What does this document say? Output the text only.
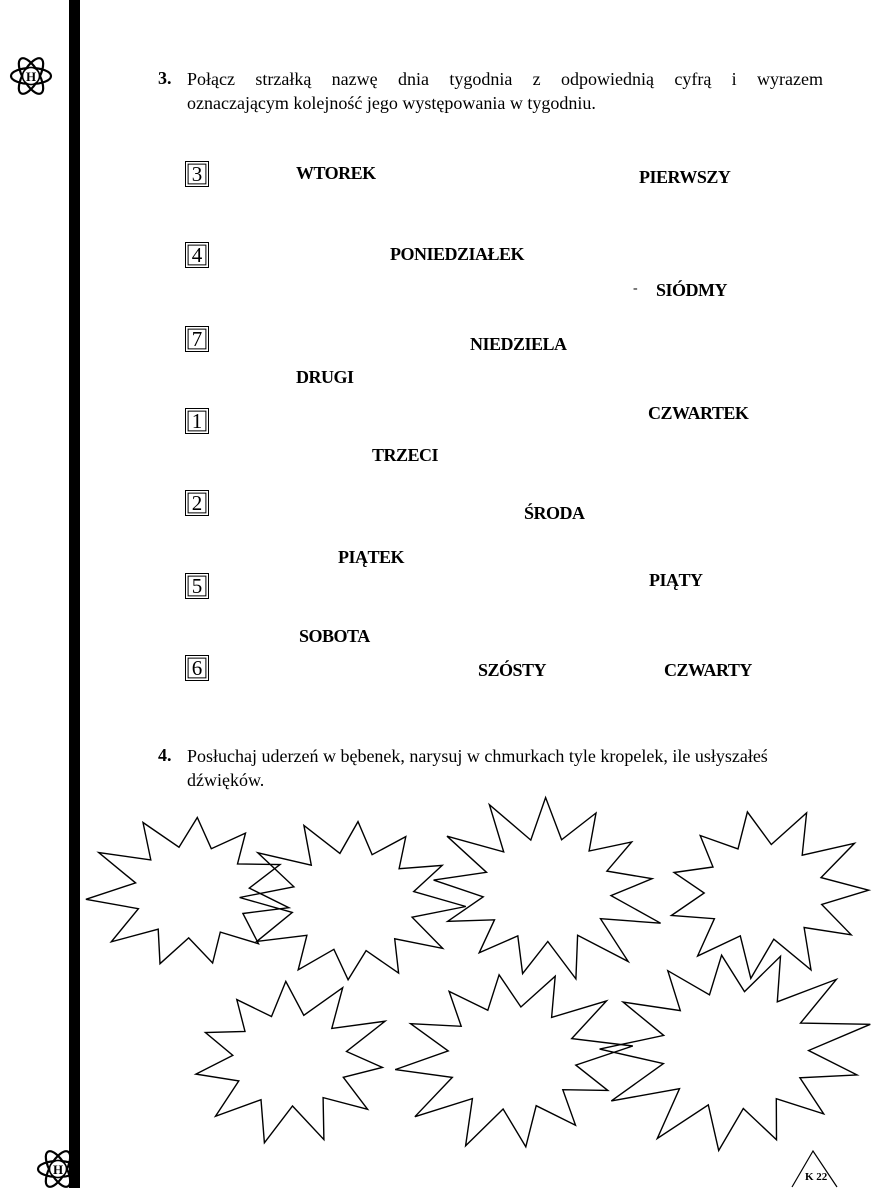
H
H
3. Połącz strzałką nazwę dnia tygodnia z odpowiednią cyfrą i wyrazem
oznaczającym kolejność jego występowania w tygodniu.
3
4
7
1
2
5
6
WTOREK	PIERWSZY
PONIEDZIAŁEK
- SIÓDMY
NIEDZIELA
DRUGI
CZWARTEK
TRZECI
ŚRODA
PIĄTEK
PIĄTY
SOBOTA
SZÓSTY	CZWARTY
4. Posłuchaj uderzeń w bębenek, narysuj w chmurkach tyle kropelek, ile usłyszałeś
dźwięków.
K 22
